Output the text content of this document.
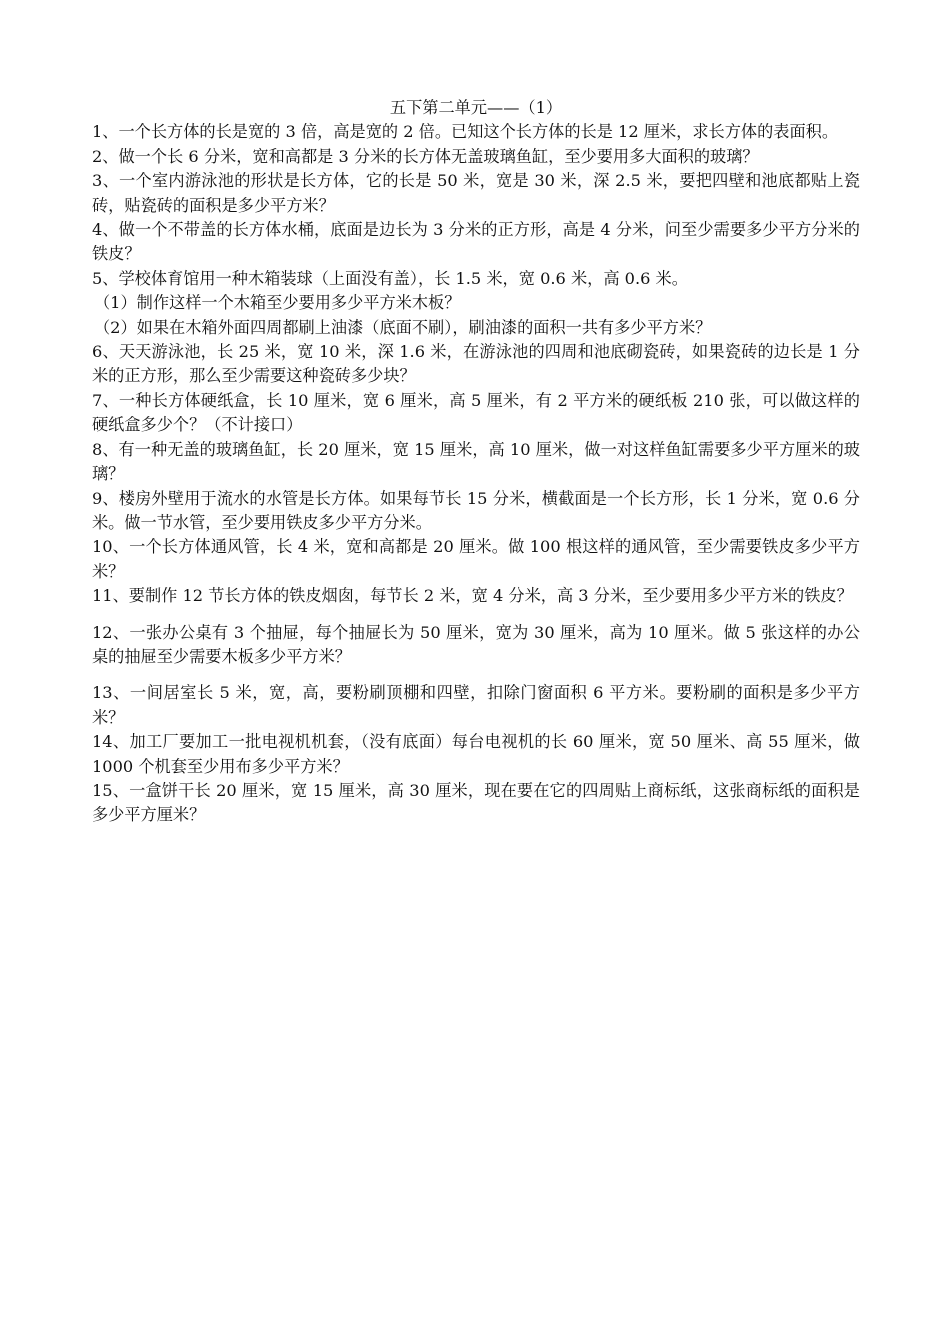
五下第二单元——（1）

1、一个长方体的长是宽的 3 倍，高是宽的 2 倍。已知这个长方体的长是 12 厘米，求长方体的表面积。

2、做一个长 6 分米，宽和高都是 3 分米的长方体无盖玻璃鱼缸，至少要用多大面积的玻璃？

3、一个室内游泳池的形状是长方体，它的长是 50 米，宽是 30 米，深 2.5 米，要把四壁和池底都贴上瓷 砖，贴瓷砖的面积是多少平方米？

4、做一个不带盖的长方体水桶，底面是边长为 3 分米的正方形，高是 4 分米，问至少需要多少平方分米的铁皮？

5、学校体育馆用一种木箱装球（上面没有盖），长 1.5 米，宽 0.6 米，高 0.6 米。

（1）制作这样一个木箱至少要用多少平方米木板？

（2）如果在木箱外面四周都刷上油漆（底面不刷），刷油漆的面积一共有多少平方米？

6、天天游泳池，长 25 米，宽 10 米，深 1.6 米，在游泳池的四周和池底砌瓷砖，如果瓷砖的边长是 1 分米的正方形，那么至少需要这种瓷砖多少块？

7、一种长方体硬纸盒，长 10 厘米，宽 6 厘米，高 5 厘米，有 2 平方米的硬纸板 210 张，可以做这样的硬纸盒多少个？（不计接口）

8、有一种无盖的玻璃鱼缸，长 20 厘米，宽 15 厘米，高 10 厘米，做一对这样鱼缸需要多少平方厘米的玻璃？

9、楼房外壁用于流水的水管是长方体。如果每节长 15 分米，横截面是一个长方形，长 1 分米，宽 0.6 分米。做一节水管，至少要用铁皮多少平方分米。

10、一个长方体通风管，长 4 米，宽和高都是 20 厘米。做 100 根这样的通风管，至少需要铁皮多少平方米？

11、要制作 12 节长方体的铁皮烟囱，每节长 2 米，宽 4 分米，高 3 分米，至少要用多少平方米的铁皮？

12、一张办公桌有 3 个抽屉，每个抽屉长为 50 厘米，宽为 30 厘米，高为 10 厘米。做 5 张这样的办公桌的抽屉至少需要木板多少平方米？

13、一间居室长 5 米，宽，高，要粉刷顶棚和四壁，扣除门窗面积 6 平方米。要粉刷的面积是多少平方米？

14、加工厂要加工一批电视机机套，（没有底面）每台电视机的长 60 厘米，宽 50 厘米、高 55 厘米，做 1000 个机套至少用布多少平方米？

15、一盒饼干长 20 厘米，宽 15 厘米，高 30 厘米，现在要在它的四周贴上商标纸，这张商标纸的面积是多少平方厘米？
